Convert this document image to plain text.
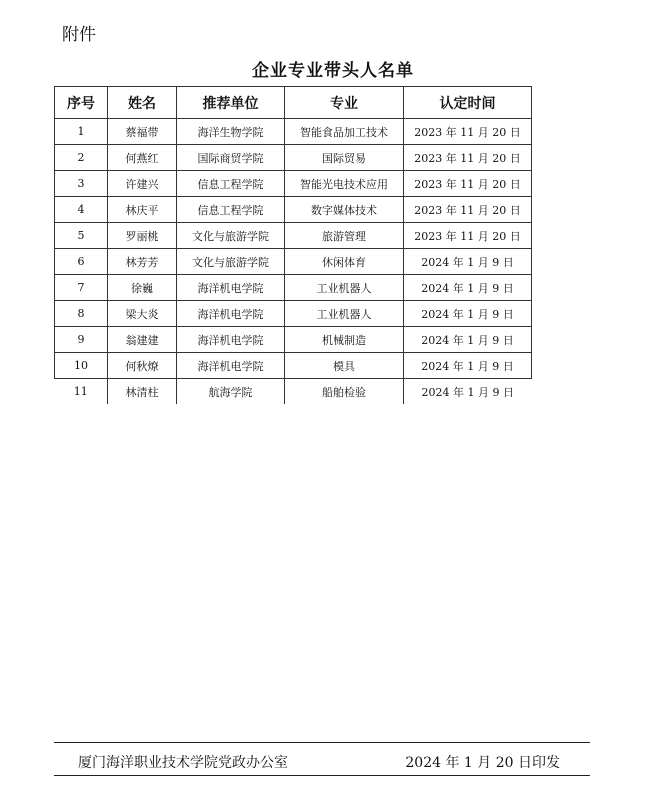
附件
企业专业带头人名单
序号	姓名	推荐单位	专业	认定时间
1	蔡福带	海洋生物学院	智能食品加工技术	2023 年 11 月 20 日
2	何燕红	国际商贸学院	国际贸易	2023 年 11 月 20 日
3	许建兴	信息工程学院	智能光电技术应用	2023 年 11 月 20 日
4	林庆平	信息工程学院	数字媒体技术	2023 年 11 月 20 日
5	罗丽桃	文化与旅游学院	旅游管理	2023 年 11 月 20 日
6	林芳芳	文化与旅游学院	休闲体育	2024 年 1 月 9 日
7	徐巍	海洋机电学院	工业机器人	2024 年 1 月 9 日
8	梁大炎	海洋机电学院	工业机器人	2024 年 1 月 9 日
9	翁建建	海洋机电学院	机械制造	2024 年 1 月 9 日
10	何秋燎	海洋机电学院	模具	2024 年 1 月 9 日
11	林清柱	航海学院	船舶检验	2024 年 1 月 9 日
厦门海洋职业技术学院党政办公室	2024 年 1 月 20 日印发
